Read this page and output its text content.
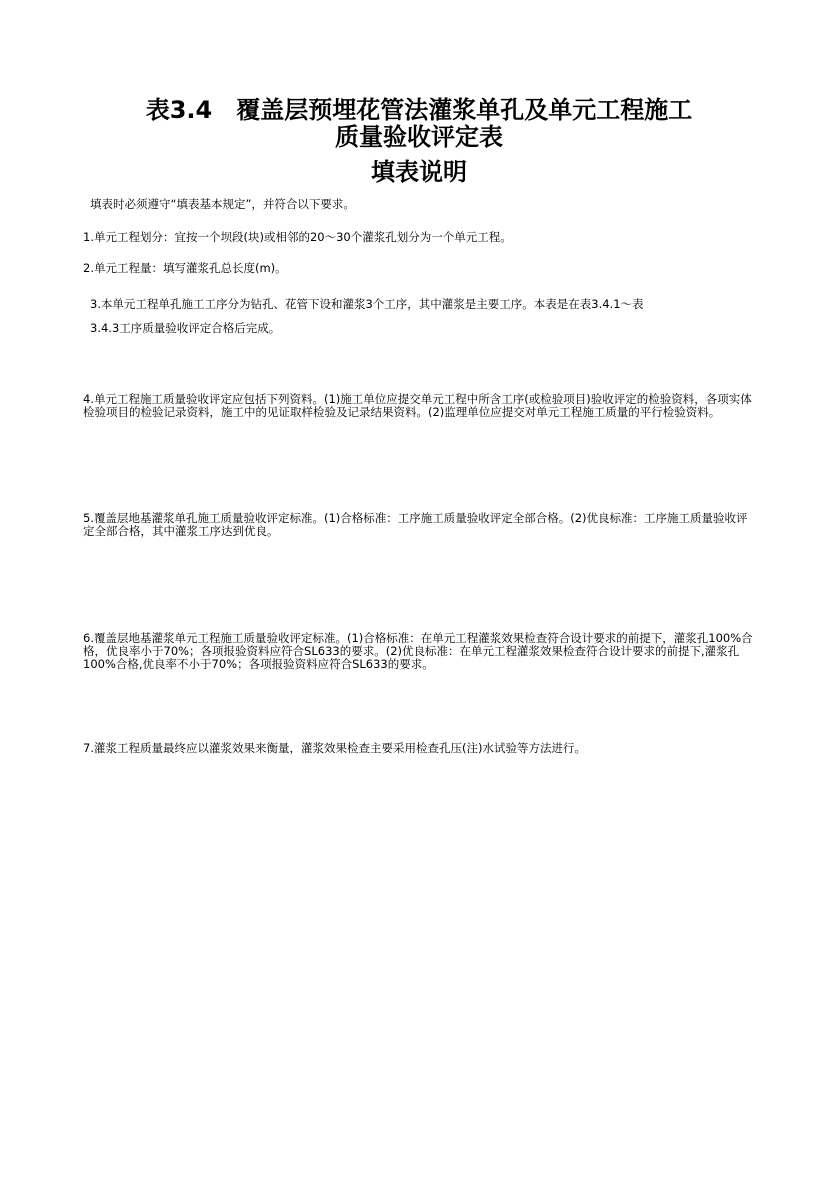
表3.4　覆盖层预埋花管法灌浆单孔及单元工程施工
质量验收评定表
填表说明
填表时必须遵守“填表基本规定”，并符合以下要求。
1.单元工程划分：宜按一个坝段(块)或相邻的20～30个灌浆孔划分为一个单元工程。
2.单元工程量：填写灌浆孔总长度(m)。
3.本单元工程单孔施工工序分为钻孔、花管下设和灌浆3个工序，其中灌浆是主要工序。本表是在表3.4.1～表
3.4.3工序质量验收评定合格后完成。
4.单元工程施工质量验收评定应包括下列资料。(1)施工单位应提交单元工程中所含工序(或检验项目)验收评定的检验资料，各项实体检验项目的检验记录资料，施工中的见证取样检验及记录结果资料。(2)监理单位应提交对单元工程施工质量的平行检验资料。
5.覆盖层地基灌浆单孔施工质量验收评定标准。(1)合格标准：工序施工质量验收评定全部合格。(2)优良标准：工序施工质量验收评定全部合格，其中灌浆工序达到优良。
6.覆盖层地基灌浆单元工程施工质量验收评定标准。(1)合格标准：在单元工程灌浆效果检查符合设计要求的前提下，灌浆孔100%合格，优良率小于70%；各项报验资料应符合SL633的要求。(2)优良标准：在单元工程灌浆效果检查符合设计要求的前提下,灌浆孔100%合格,优良率不小于70%；各项报验资料应符合SL633的要求。
7.灌浆工程质量最终应以灌浆效果来衡量，灌浆效果检查主要采用检查孔压(注)水试验等方法进行。
